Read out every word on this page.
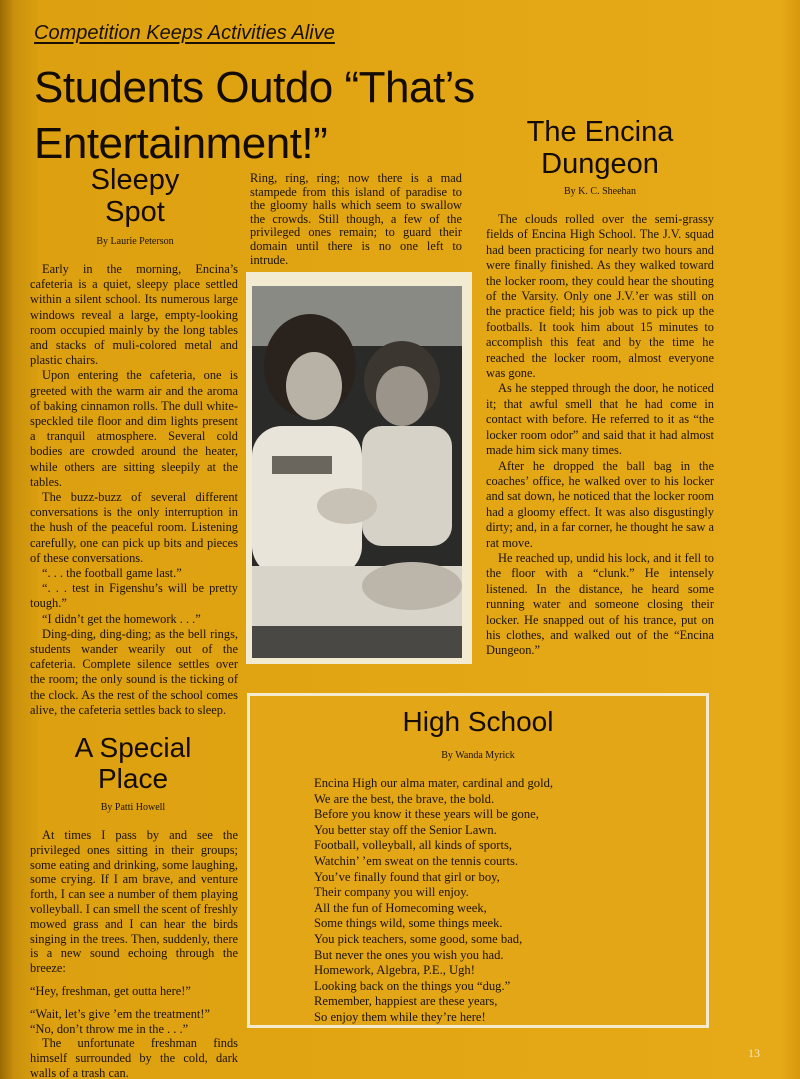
Competition Keeps Activities Alive
Students Outdo “That’s
Entertainment!”
Sleepy
Spot
By Laurie Peterson

Early in the morning, Encina’s cafeteria is a quiet, sleepy place settled within a silent school. Its numerous large windows reveal a large, empty-looking room occupied mainly by the long tables and stacks of muli-colored metal and plastic chairs.

Upon entering the cafeteria, one is greeted with the warm air and the aroma of baking cinnamon rolls. The dull white-speckled tile floor and dim lights present a tranquil atmosphere. Several cold bodies are crowded around the heater, while others are sitting sleepily at the tables.

The buzz-buzz of several different conversations is the only interruption in the hush of the peaceful room. Listening carefully, one can pick up bits and pieces of these conversations.

“. . . the football game last.”

“. . . test in Figenshu’s will be pretty tough.”

“I didn’t get the homework . . .”

Ding-ding, ding-ding; as the bell rings, students wander wearily out of the cafeteria. Complete silence settles over the room; the only sound is the ticking of the clock. As the rest of the school comes alive, the cafeteria settles back to sleep.

Ring, ring, ring; now there is a mad stampede from this island of paradise to the gloomy halls which seem to swallow the crowds. Still though, a few of the privileged ones remain; to guard their domain until there is no one left to intrude.

The Encina
Dungeon
By K. C. Sheehan

The clouds rolled over the semi-grassy fields of Encina High School. The J.V. squad had been practicing for nearly two hours and were finally finished. As they walked toward the locker room, they could hear the shouting of the Varsity. Only one J.V.’er was still on the practice field; his job was to pick up the footballs. It took him about 15 minutes to accomplish this feat and by the time he reached the locker room, almost everyone was gone.

As he stepped through the door, he noticed it; that awful smell that he had come in contact with before. He referred to it as “the locker room odor” and said that it had almost made him sick many times.

After he dropped the ball bag in the coaches’ office, he walked over to his locker and sat down, he noticed that the locker room had a gloomy effect. It was also disgustingly dirty; and, in a far corner, he thought he saw a rat move.

He reached up, undid his lock, and it fell to the floor with a “clunk.” He intensely listened. In the distance, he heard some running water and someone closing their locker. He snapped out of his trance, put on his clothes, and walked out of the “Encina Dungeon.”

A Special
Place
By Patti Howell

At times I pass by and see the privileged ones sitting in their groups; some eating and drinking, some laughing, some crying. If I am brave, and venture forth, I can see a number of them playing volleyball. I can smell the scent of freshly mowed grass and I can hear the birds singing in the trees. Then, suddenly, there is a new sound echoing through the breeze:

“Hey, freshman, get outta here!”

“Wait, let’s give ’em the treatment!”

“No, don’t throw me in the . . .”

The unfortunate freshman finds himself surrounded by the cold, dark walls of a trash can.

High School
By Wanda Myrick
Encina High our alma mater, cardinal and gold,
We are the best, the brave, the bold.
Before you know it these years will be gone,
You better stay off the Senior Lawn.
Football, volleyball, all kinds of sports,
Watchin’ ’em sweat on the tennis courts.
You’ve finally found that girl or boy,
Their company you will enjoy.
All the fun of Homecoming week,
Some things wild, some things meek.
You pick teachers, some good, some bad,
But never the ones you wish you had.
Homework, Algebra, P.E., Ugh!
Looking back on the things you “dug.”
Remember, happiest are these years,
So enjoy them while they’re here!
13
